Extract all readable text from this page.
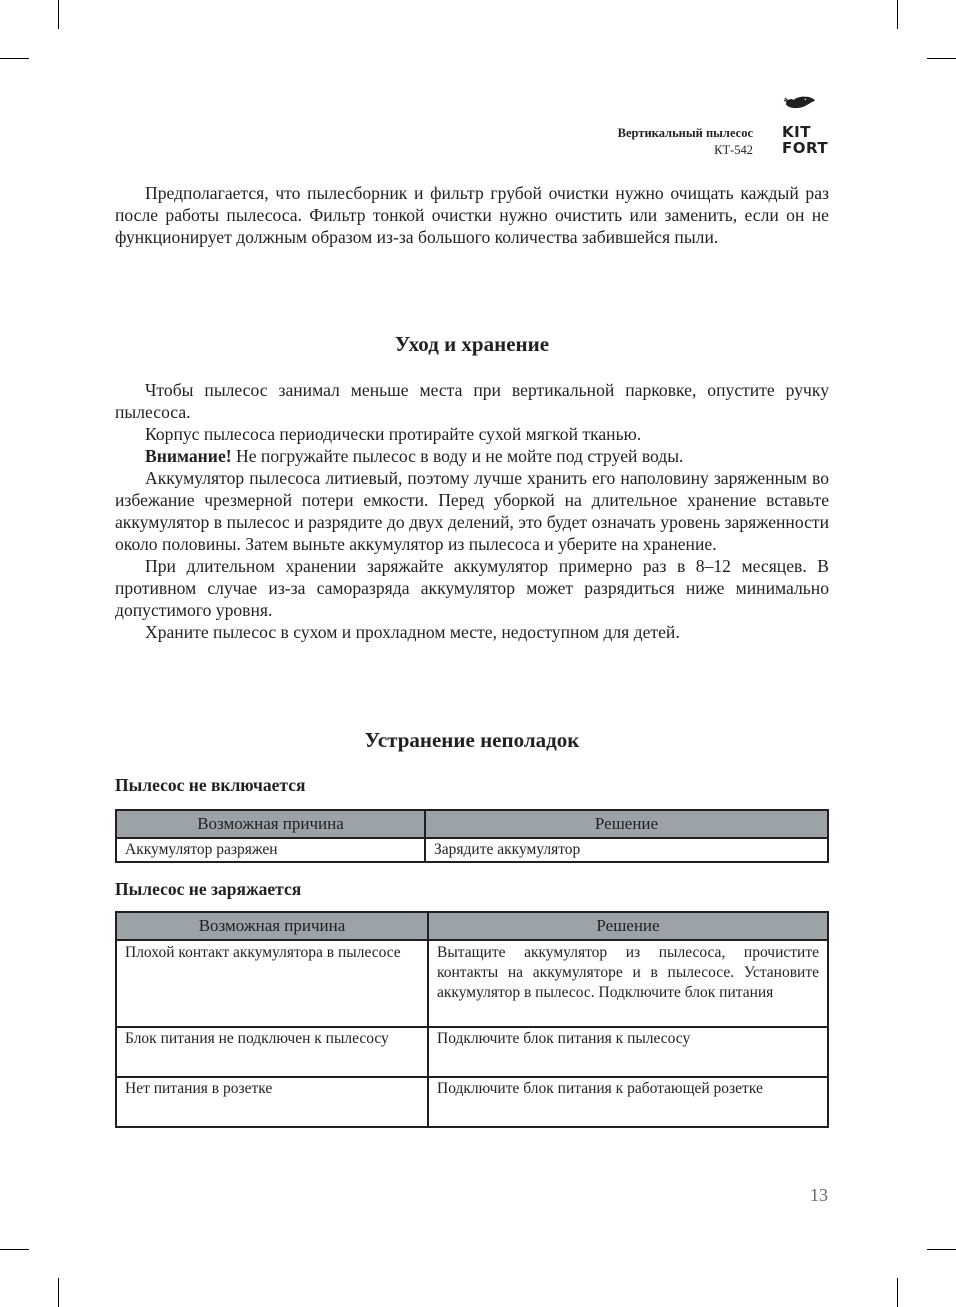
Вертикальный пылесос
КТ-542
KIT
FORT

Предполагается, что пылесборник и фильтр грубой очистки нужно очищать каждый раз после работы пылесоса. Фильтр тонкой очистки нужно очистить или заменить, если он не функционирует должным образом из-за большого количества забившейся пыли.

Уход и хранение

Чтобы пылесос занимал меньше места при вертикальной парковке, опустите ручку пылесоса.

Корпус пылесоса периодически протирайте сухой мягкой тканью.

Внимание! Не погружайте пылесос в воду и не мойте под струей воды.

Аккумулятор пылесоса литиевый, поэтому лучше хранить его наполовину заряженным во избежание чрезмерной потери емкости. Перед уборкой на длительное хранение вставьте аккумулятор в пылесос и разрядите до двух делений, это будет означать уровень заряженности около половины. Затем выньте аккумулятор из пылесоса и уберите на хранение.

При длительном хранении заряжайте аккумулятор примерно раз в 8–12 месяцев. В противном случае из-за саморазряда аккумулятор может разрядиться ниже минимально допустимого уровня.

Храните пылесос в сухом и прохладном месте, недоступном для детей.

Устранение неполадок
Пылесос не включается
Возможная причина	Решение
Аккумулятор разряжен	Зарядите аккумулятор
Пылесос не заряжается
Возможная причина	Решение
Плохой контакт аккумулятора в пылесосе	Вытащите аккумулятор из пылесоса, прочистите контакты на аккумуляторе и в пылесосе. Установите аккумулятор в пылесос. Подключите блок питания
Блок питания не подключен к пылесосу	Подключите блок питания к пылесосу
Нет питания в розетке	Подключите блок питания к работающей розетке
13
